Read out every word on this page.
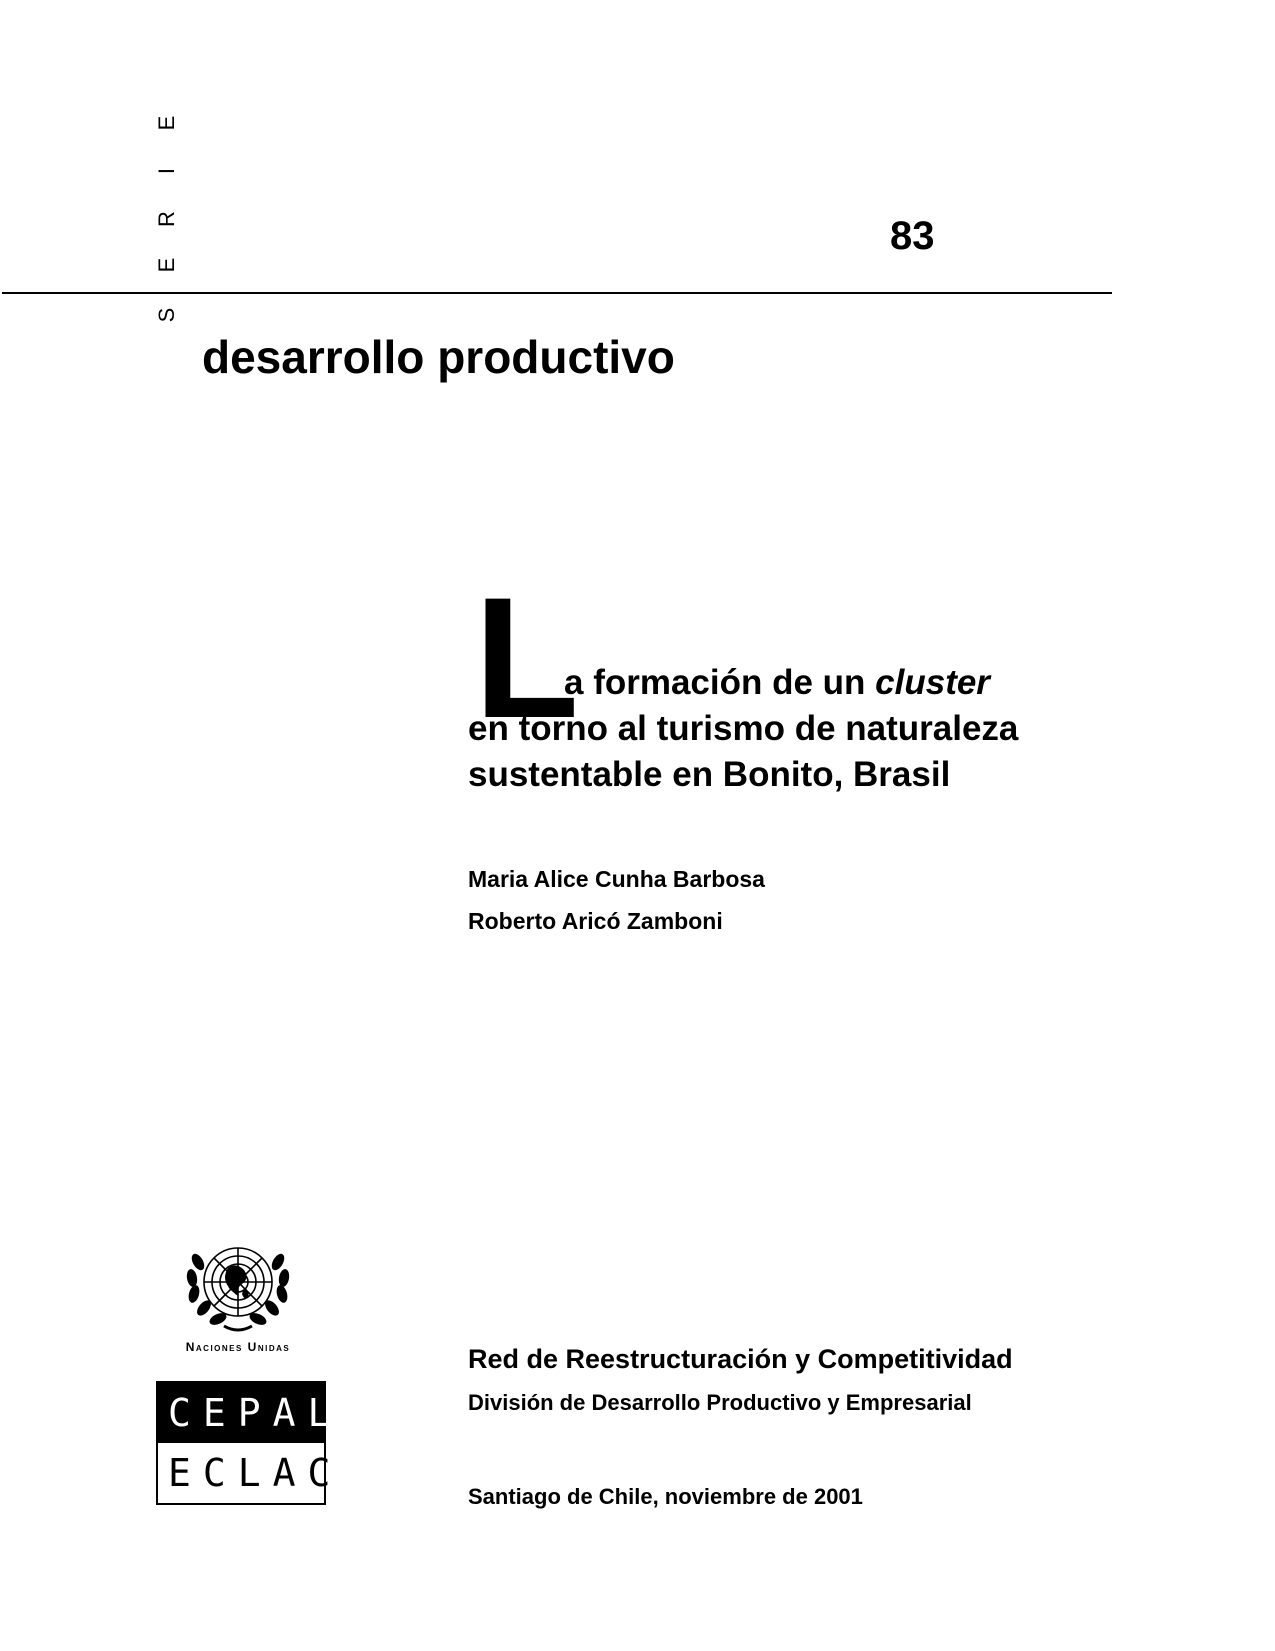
S
E
R
I
E
83
desarrollo productivo
L
a formación de un cluster
en torno al turismo de naturaleza
sustentable en Bonito, Brasil
Maria Alice Cunha Barbosa
Roberto Aricó Zamboni
Naciones Unidas
CEPAL
ECLAC
Red de Reestructuración y Competitividad
División de Desarrollo Productivo y Empresarial
Santiago de Chile, noviembre de 2001
